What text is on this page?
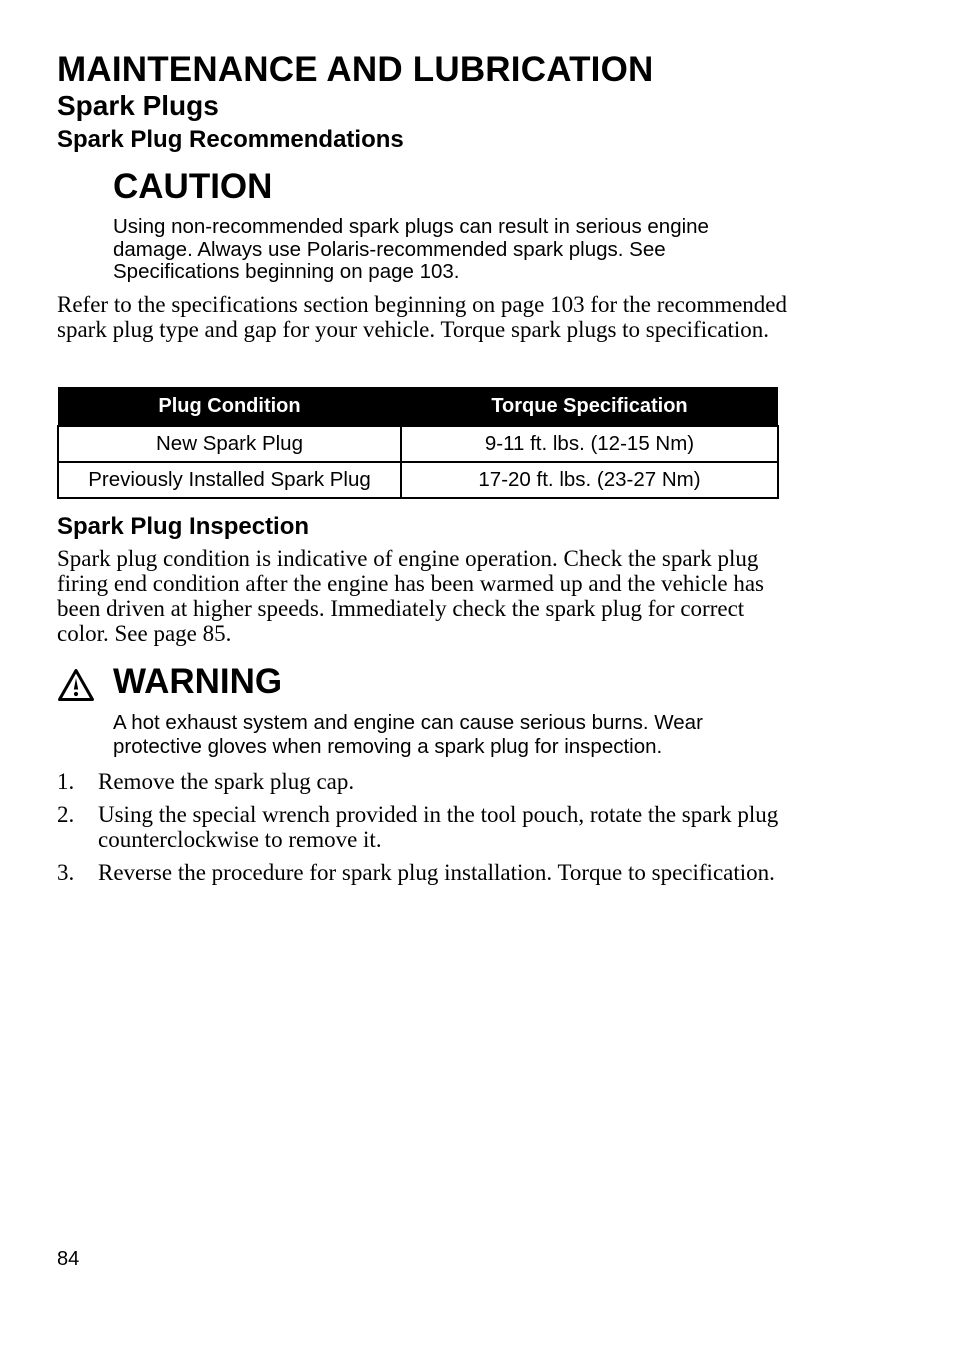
MAINTENANCE AND LUBRICATION
Spark Plugs
Spark Plug Recommendations
CAUTION
Using non-recommended spark plugs can result in serious engine damage. Always use Polaris-recommended spark plugs. See Specifications beginning on page 103.
Refer to the specifications section beginning on page 103 for the recommended spark plug type and gap for your vehicle. Torque spark plugs to specification.
Plug Condition	Torque Specification
New Spark Plug	9-11 ft. lbs. (12-15 Nm)
Previously Installed Spark Plug	17-20 ft. lbs. (23-27 Nm)
Spark Plug Inspection
Spark plug condition is indicative of engine operation. Check the spark plug firing end condition after the engine has been warmed up and the vehicle has been driven at higher speeds. Immediately check the spark plug for correct color. See page 85.
WARNING
A hot exhaust system and engine can cause serious burns. Wear protective gloves when removing a spark plug for inspection.
1. Remove the spark plug cap.
2. Using the special wrench provided in the tool pouch, rotate the spark plug counterclockwise to remove it.
3. Reverse the procedure for spark plug installation. Torque to specification.
84
